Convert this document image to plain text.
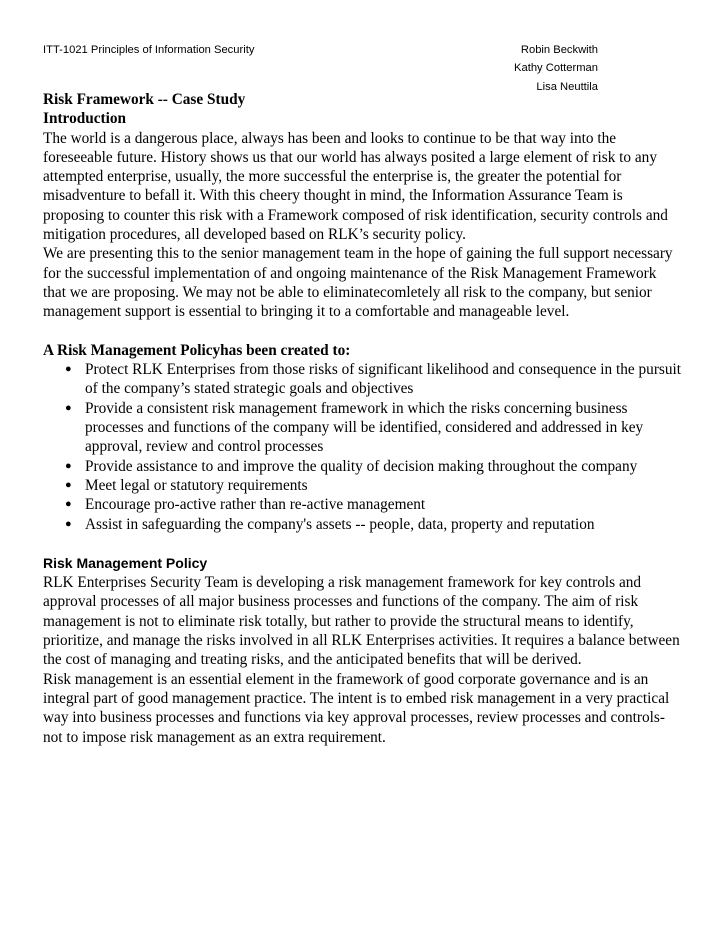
ITT-1021 Principles of Information Security	Robin Beckwith
Kathy Cotterman
Lisa Neuttila

Risk Framework -- Case Study

Introduction

The world is a dangerous place, always has been and looks to continue to be that way into the foreseeable future. History shows us that our world has always posited a large element of risk to any attempted enterprise, usually, the more successful the enterprise is, the greater the potential for misadventure to befall it. With this cheery thought in mind, the Information Assurance Team is proposing to counter this risk with a Framework composed of risk identification, security controls and mitigation procedures, all developed based on RLK’s security policy.

We are presenting this to the senior management team in the hope of gaining the full support necessary for the successful implementation of and ongoing maintenance of the Risk Management Framework that we are proposing. We may not be able to eliminatecomletely all risk to the company, but senior management support is essential to bringing it to a comfortable and manageable level.

A Risk Management Policyhas been created to:

● Protect RLK Enterprises from those risks of significant likelihood and consequence in the pursuit of the company’s stated strategic goals and objectives
● Provide a consistent risk management framework in which the risks concerning business processes and functions of the company will be identified, considered and addressed in key approval, review and control processes
● Provide assistance to and improve the quality of decision making throughout the company
● Meet legal or statutory requirements
● Encourage pro-active rather than re-active management
● Assist in safeguarding the company's assets -- people, data, property and reputation

Risk Management Policy

RLK Enterprises Security Team is developing a risk management framework for key controls and approval processes of all major business processes and functions of the company. The aim of risk management is not to eliminate risk totally, but rather to provide the structural means to identify, prioritize, and manage the risks involved in all RLK Enterprises activities. It requires a balance between the cost of managing and treating risks, and the anticipated benefits that will be derived.

Risk management is an essential element in the framework of good corporate governance and is an integral part of good management practice. The intent is to embed risk management in a very practical way into business processes and functions via key approval processes, review processes and controls-not to impose risk management as an extra requirement.
